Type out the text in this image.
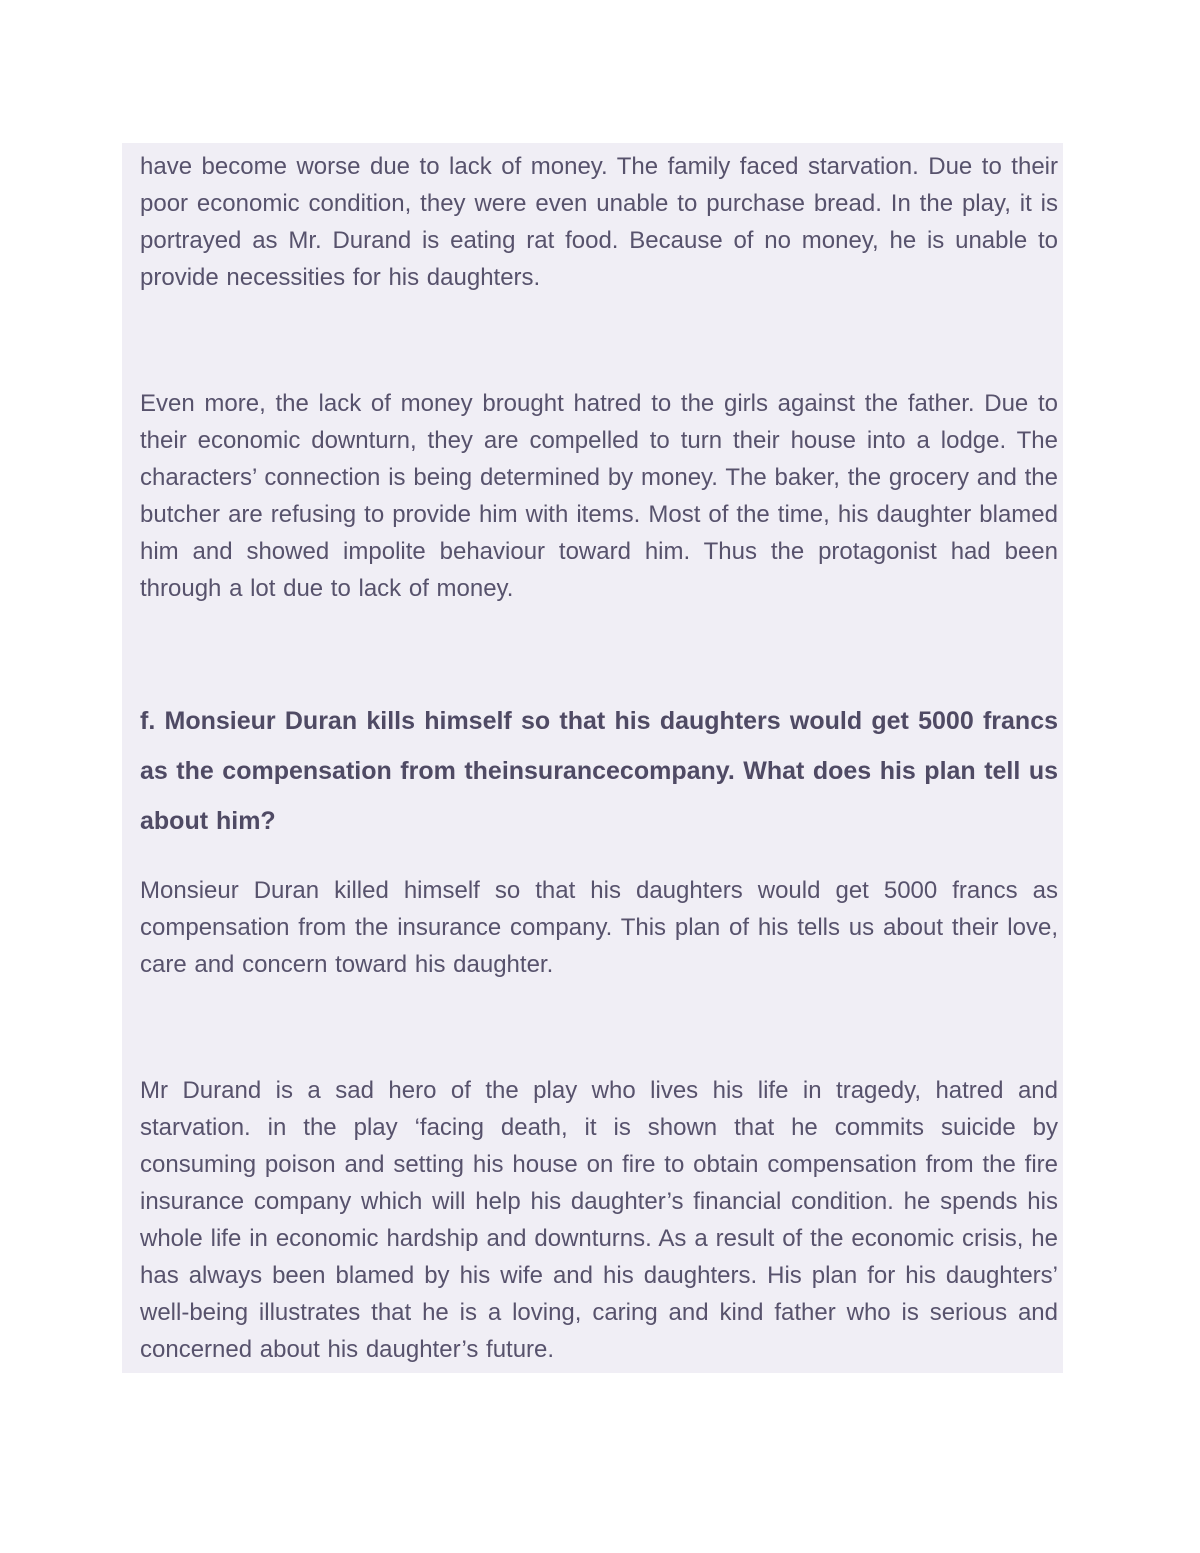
have become worse due to lack of money. The family faced starvation. Due to their poor economic condition, they were even unable to purchase bread. In the play, it is portrayed as Mr. Durand is eating rat food. Because of no money, he is unable to provide necessities for his daughters.

Even more, the lack of money brought hatred to the girls against the father. Due to their economic downturn, they are compelled to turn their house into a lodge. The characters’ connection is being determined by money. The baker, the grocery and the butcher are refusing to provide him with items. Most of the time, his daughter blamed him and showed impolite behaviour toward him. Thus the protagonist had been through a lot due to lack of money.

f. Monsieur Duran kills himself so that his daughters would get 5000 francs as the compensation from theinsurancecompany. What does his plan tell us about him?

Monsieur Duran killed himself so that his daughters would get 5000 francs as compensation from the insurance company. This plan of his tells us about their love, care and concern toward his daughter.

Mr Durand is a sad hero of the play who lives his life in tragedy, hatred and starvation. in the play ‘facing death, it is shown that he commits suicide by consuming poison and setting his house on fire to obtain compensation from the fire insurance company which will help his daughter’s financial condition. he spends his whole life in economic hardship and downturns. As a result of the economic crisis, he has always been blamed by his wife and his daughters. His plan for his daughters’ well-being illustrates that he is a loving, caring and kind father who is serious and concerned about his daughter’s future.
